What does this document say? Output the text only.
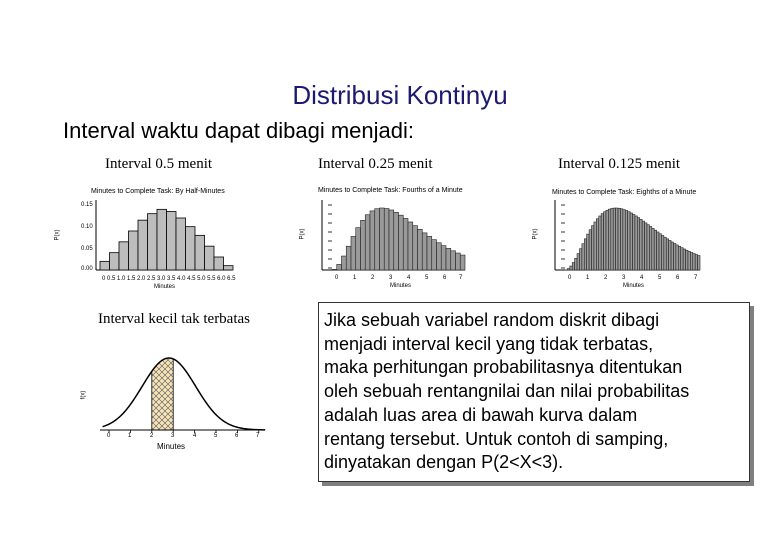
Distribusi Kontinyu
Interval waktu dapat dibagi menjadi:
Interval 0.5 menit	Interval 0.25 menit	Interval 0.125 menit
Interval kecil tak terbatas
Minutes to Complete Task: By Half-Minutes	Minutes to Complete Task: Fourths of a Minute	Minutes to Complete Task: Eighths of a Minute
0.15
0.10
0.05
0.00
P(x)
0 0.5 1.0 1.5 2.0 2.5 3.0 3.5 4.0 4.5 5.0 5.5 6.0 6.5
Minutes
P(x)
0 1 2 3 4 5 6 7
Minutes
P(x)
0 1 2 3 4 5 6 7
Minutes
f(x)
0	1	2	3	4	5	6	7
Minutes
Jika sebuah variabel random diskrit dibagi
menjadi interval kecil yang tidak terbatas,
maka perhitungan probabilitasnya ditentukan
oleh sebuah rentangnilai dan nilai probabilitas
adalah luas area di bawah kurva dalam
rentang tersebut. Untuk contoh di samping,
dinyatakan dengan P(2<X<3).
